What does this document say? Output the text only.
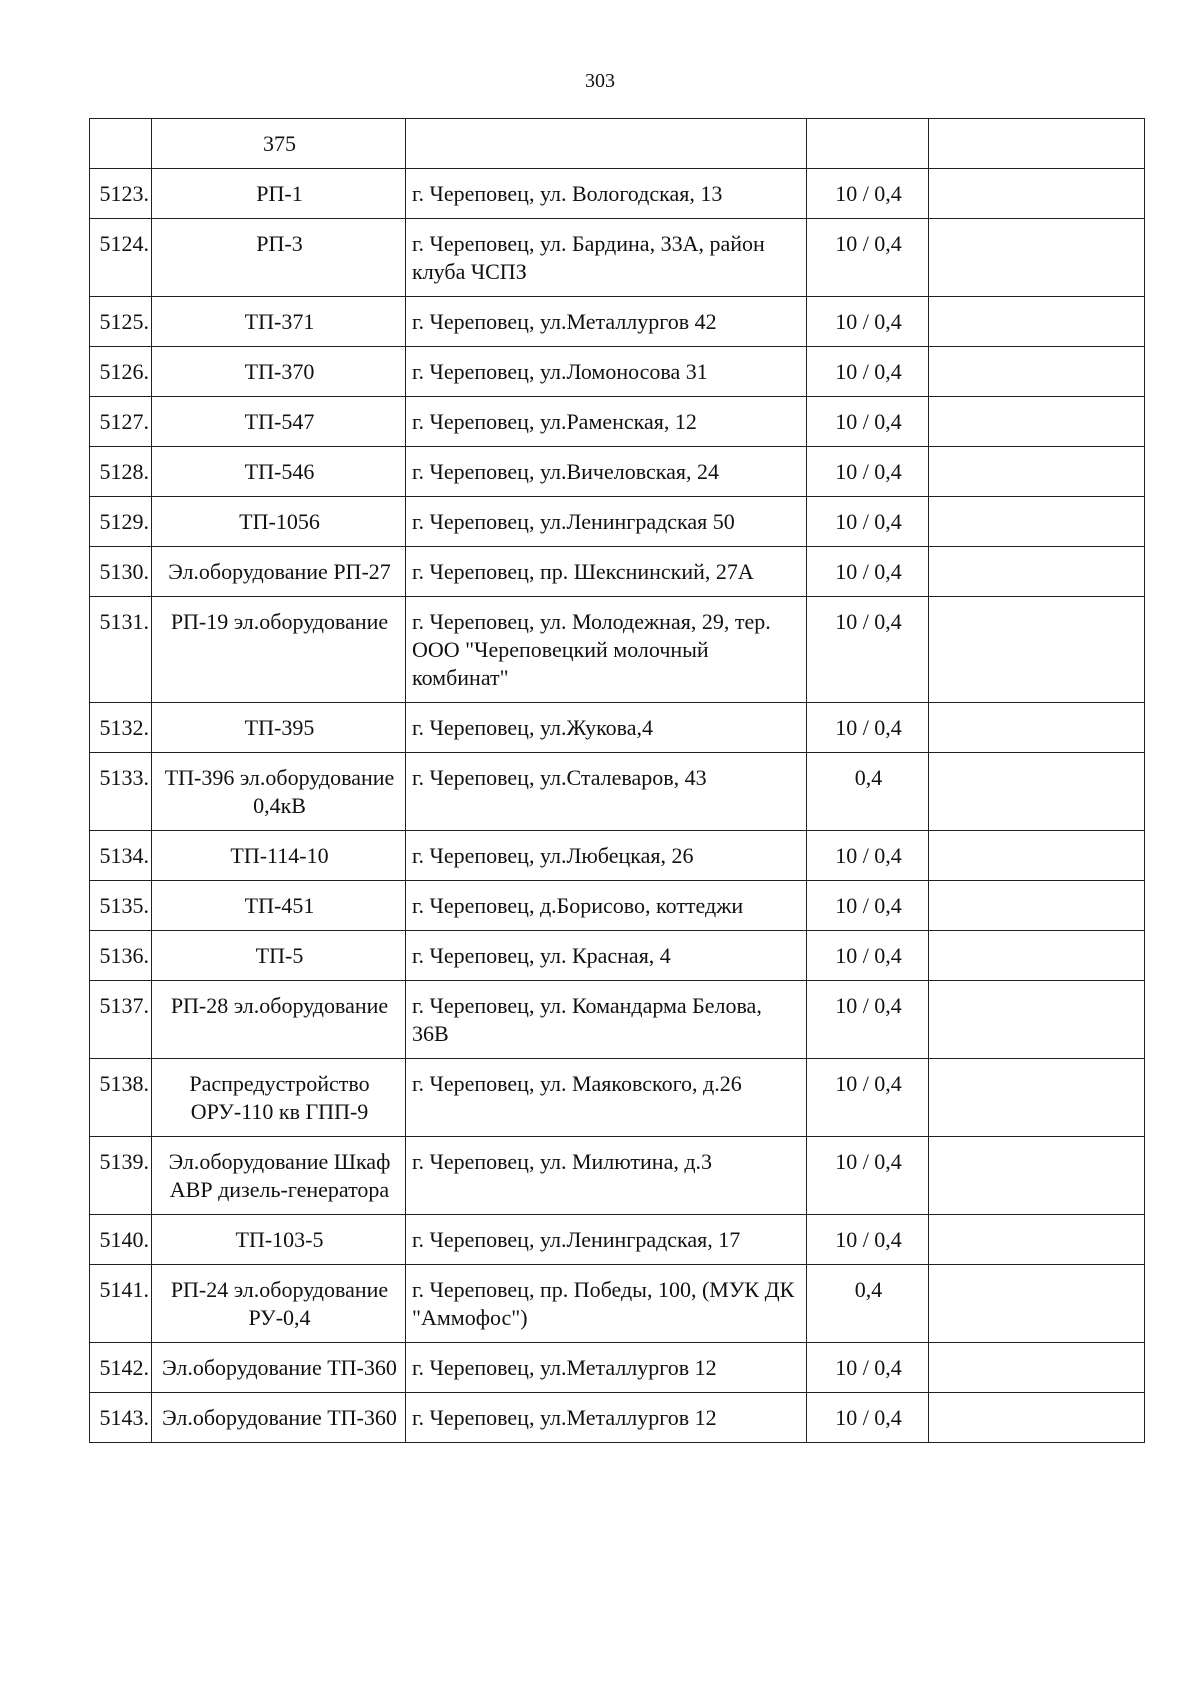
303
	375			
5123.	РП-1	г. Череповец, ул. Вологодская, 13	10 / 0,4	
5124.	РП-3	г. Череповец, ул. Бардина, 33А, район клуба ЧСПЗ	10 / 0,4	
5125.	ТП-371	г. Череповец, ул.Металлургов 42	10 / 0,4	
5126.	ТП-370	г. Череповец, ул.Ломоносова 31	10 / 0,4	
5127.	ТП-547	г. Череповец, ул.Раменская, 12	10 / 0,4	
5128.	ТП-546	г. Череповец, ул.Вичеловская, 24	10 / 0,4	
5129.	ТП-1056	г. Череповец, ул.Ленинградская 50	10 / 0,4	
5130.	Эл.оборудование РП-27	г. Череповец, пр. Шекснинский, 27А	10 / 0,4	
5131.	РП-19 эл.оборудование	г. Череповец, ул. Молодежная, 29, тер. ООО "Череповецкий молочный комбинат"	10 / 0,4	
5132.	ТП-395	г. Череповец, ул.Жукова,4	10 / 0,4	
5133.	ТП-396 эл.оборудование 0,4кВ	г. Череповец, ул.Сталеваров, 43	0,4	
5134.	ТП-114-10	г. Череповец, ул.Любецкая, 26	10 / 0,4	
5135.	ТП-451	г. Череповец, д.Борисово, коттеджи	10 / 0,4	
5136.	ТП-5	г. Череповец, ул. Красная, 4	10 / 0,4	
5137.	РП-28 эл.оборудование	г. Череповец, ул. Командарма Белова, 36В	10 / 0,4	
5138.	Распредустройство ОРУ-110 кв ГПП-9	г. Череповец, ул. Маяковского, д.26	10 / 0,4	
5139.	Эл.оборудование Шкаф АВР дизель-генератора	г. Череповец, ул. Милютина, д.3	10 / 0,4	
5140.	ТП-103-5	г. Череповец, ул.Ленинградская, 17	10 / 0,4	
5141.	РП-24 эл.оборудование РУ-0,4	г. Череповец, пр. Победы, 100, (МУК ДК "Аммофос")	0,4	
5142.	Эл.оборудование ТП-360	г. Череповец, ул.Металлургов 12	10 / 0,4	
5143.	Эл.оборудование ТП-360	г. Череповец, ул.Металлургов 12	10 / 0,4	
